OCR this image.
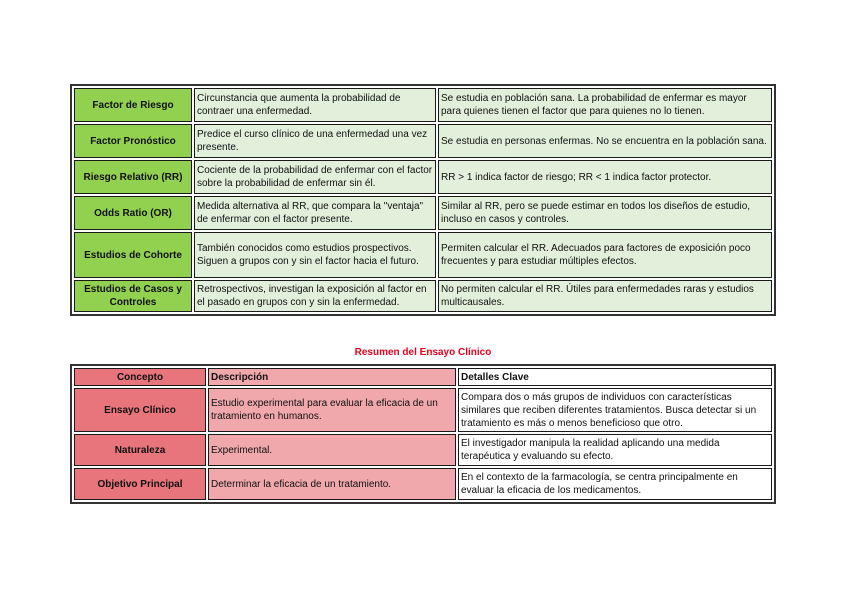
Factor de Riesgo	Circunstancia que aumenta la probabilidad de contraer una enfermedad.	Se estudia en población sana. La probabilidad de enfermar es mayor para quienes tienen el factor que para quienes no lo tienen.
Factor Pronóstico	Predice el curso clínico de una enfermedad una vez presente.	Se estudia en personas enfermas. No se encuentra en la población sana.
Riesgo Relativo (RR)	Cociente de la probabilidad de enfermar con el factor sobre la probabilidad de enfermar sin él.	RR > 1 indica factor de riesgo; RR < 1 indica factor protector.
Odds Ratio (OR)	Medida alternativa al RR, que compara la "ventaja" de enfermar con el factor presente.	Similar al RR, pero se puede estimar en todos los diseños de estudio, incluso en casos y controles.
Estudios de Cohorte	También conocidos como estudios prospectivos. Siguen a grupos con y sin el factor hacia el futuro.	Permiten calcular el RR. Adecuados para factores de exposición poco frecuentes y para estudiar múltiples efectos.
Estudios de Casos y Controles	Retrospectivos, investigan la exposición al factor en el pasado en grupos con y sin la enfermedad.	No permiten calcular el RR. Útiles para enfermedades raras y estudios multicausales.
Resumen del Ensayo Clínico
Concepto	Descripción	Detalles Clave
Ensayo Clínico	Estudio experimental para evaluar la eficacia de un tratamiento en humanos.	Compara dos o más grupos de individuos con características similares que reciben diferentes tratamientos. Busca detectar si un tratamiento es más o menos beneficioso que otro.
Naturaleza	Experimental.	El investigador manipula la realidad aplicando una medida terapéutica y evaluando su efecto.
Objetivo Principal	Determinar la eficacia de un tratamiento.	En el contexto de la farmacología, se centra principalmente en evaluar la eficacia de los medicamentos.
